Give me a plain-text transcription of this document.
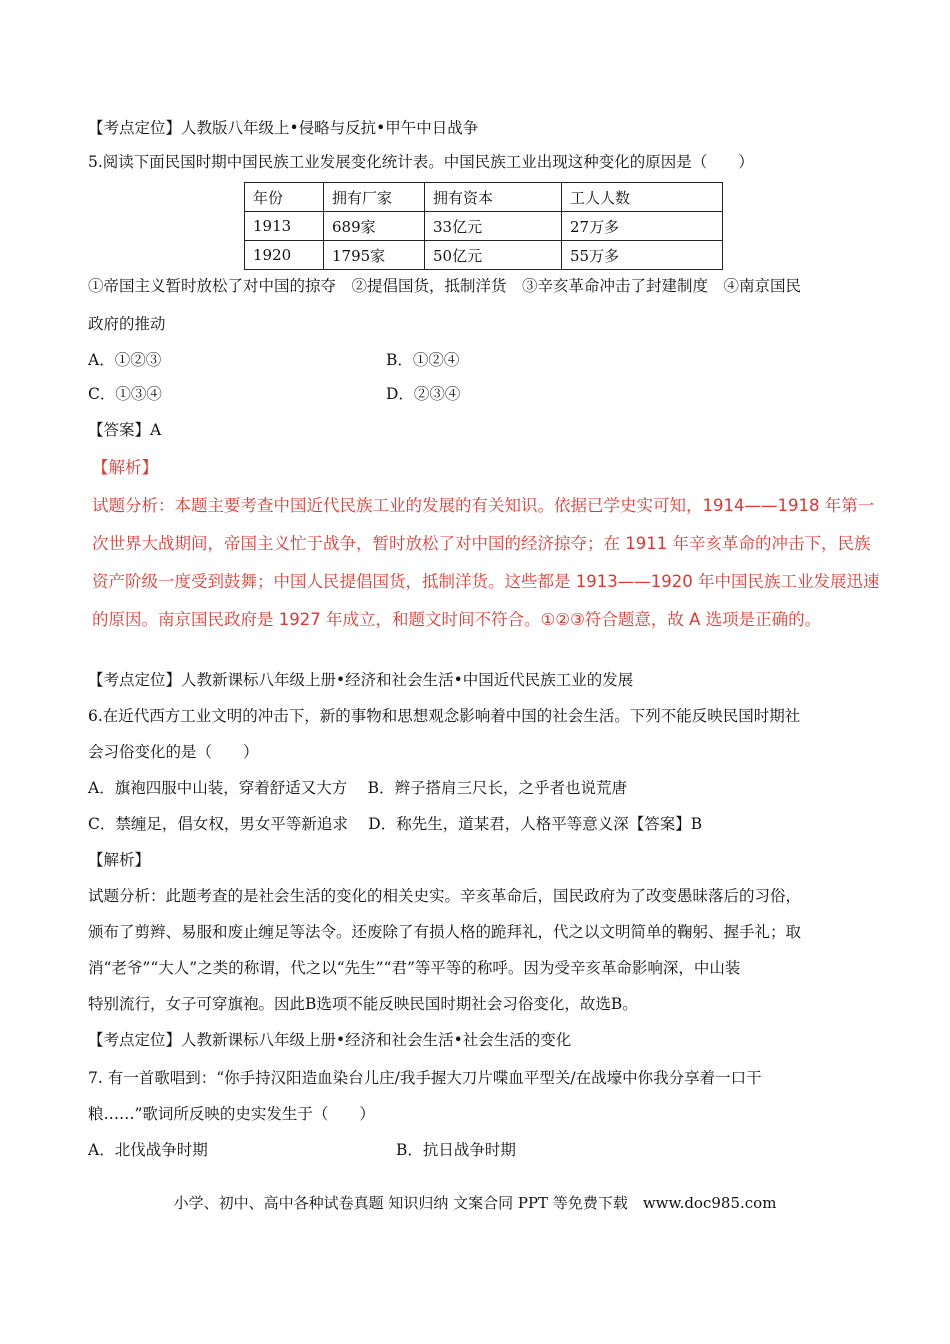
【考点定位】人教版八年级上•侵略与反抗•甲午中日战争
5.阅读下面民国时期中国民族工业发展变化统计表。中国民族工业出现这种变化的原因是（　　）
年份	拥有厂家	拥有资本	工人人数
1913	689家	33亿元	27万多
1920	1795家	50亿元	55万多
①帝国主义暂时放松了对中国的掠夺　②提倡国货，抵制洋货　③辛亥革命冲击了封建制度　④南京国民
政府的推动
A．①②③	B．①②④
C．①③④	D．②③④
【答案】A
【解析】
试题分析：本题主要考查中国近代民族工业的发展的有关知识。依据已学史实可知，1914——1918 年第一
次世界大战期间，帝国主义忙于战争，暂时放松了对中国的经济掠夺；在 1911 年辛亥革命的冲击下，民族
资产阶级一度受到鼓舞；中国人民提倡国货，抵制洋货。这些都是 1913——1920 年中国民族工业发展迅速
的原因。南京国民政府是 1927 年成立，和题文时间不符合。①②③符合题意，故 A 选项是正确的。
【考点定位】人教新课标八年级上册•经济和社会生活•中国近代民族工业的发展
6.在近代西方工业文明的冲击下，新的事物和思想观念影响着中国的社会生活。下列不能反映民国时期社
会习俗变化的是（　　）
A．旗袍四服中山装，穿着舒适又大方　 B．辫子搭肩三尺长，之乎者也说荒唐
C．禁缠足，倡女权，男女平等新追求　 D．称先生，道某君，人格平等意义深【答案】B
【解析】
试题分析：此题考查的是社会生活的变化的相关史实。辛亥革命后，国民政府为了改变愚昧落后的习俗，
颁布了剪辫、易服和废止缠足等法令。还废除了有损人格的跪拜礼，代之以文明简单的鞠躬、握手礼；取
消“老爷”“大人”之类的称谓，代之以“先生”“君”等平等的称呼。因为受辛亥革命影响深，中山装
特别流行，女子可穿旗袍。因此B选项不能反映民国时期社会习俗变化，故选B。
【考点定位】人教新课标八年级上册•经济和社会生活•社会生活的变化
7. 有一首歌唱到：“你手持汉阳造血染台儿庄/我手握大刀片喋血平型关/在战壕中你我分享着一口干
粮……”歌词所反映的史实发生于（　　）
A．北伐战争时期	B．抗日战争时期
小学、初中、高中各种试卷真题 知识归纳 文案合同 PPT 等免费下载　www.doc985.com
